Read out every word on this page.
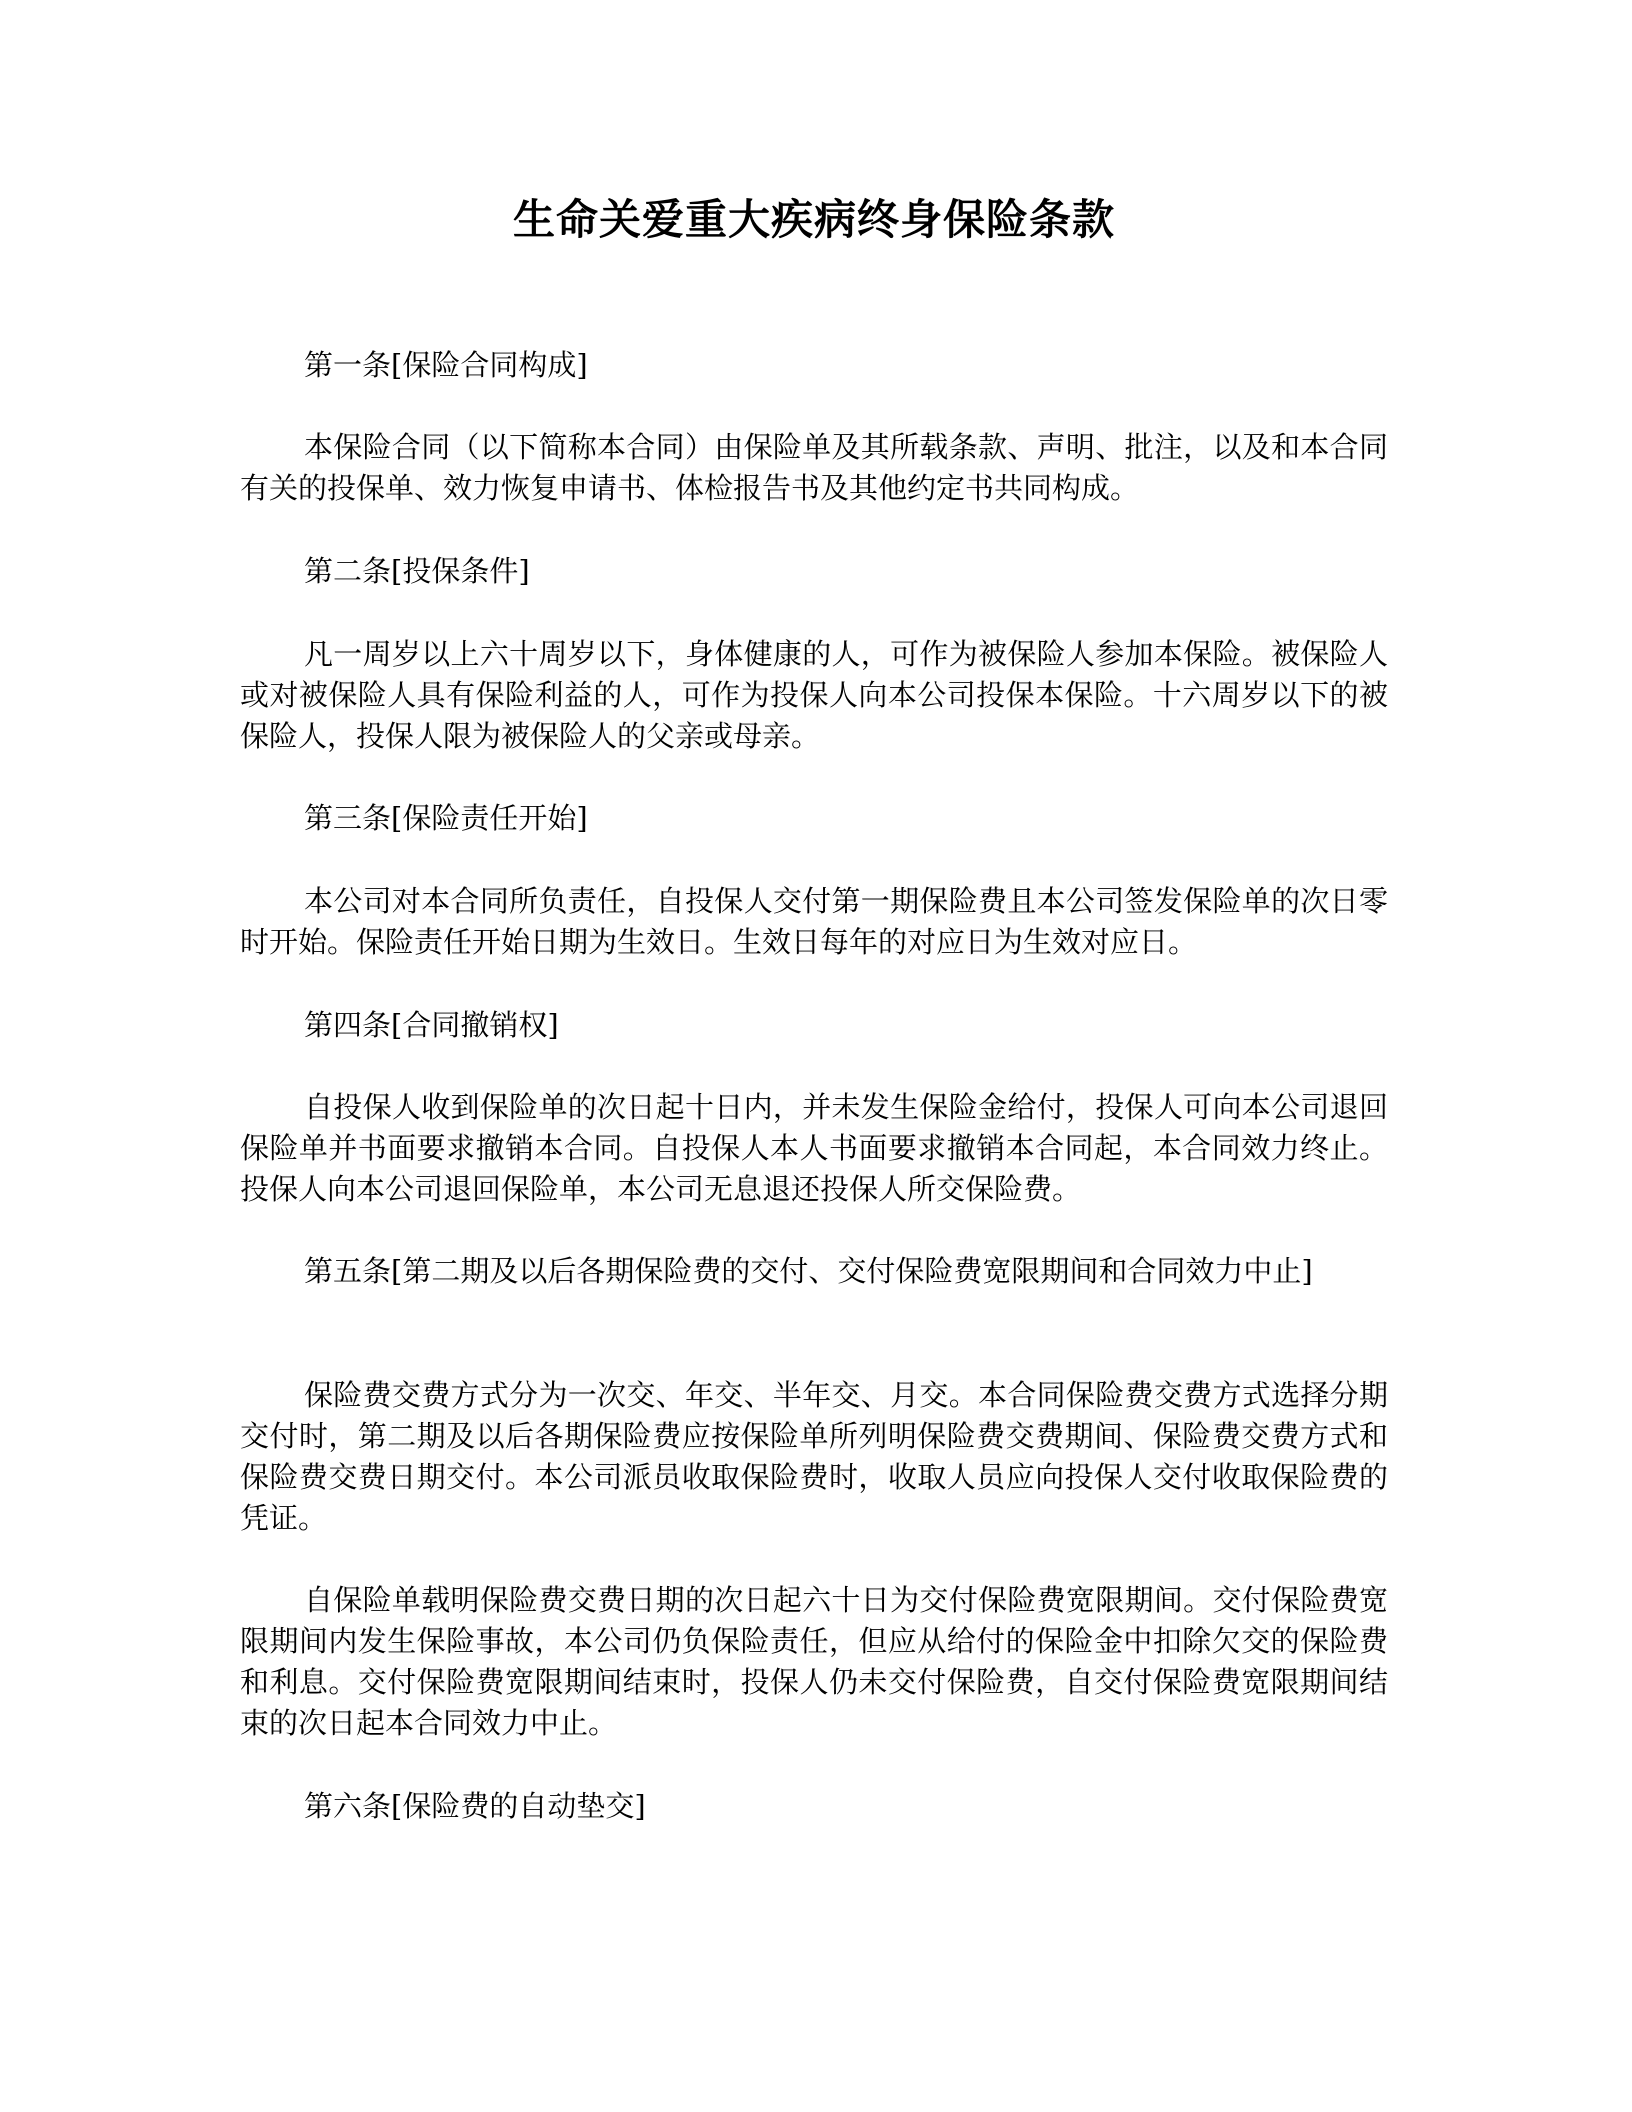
生命关爱重大疾病终身保险条款

第一条[保险合同构成]

本保险合同（以下简称本合同）由保险单及其所载条款、声明、批注，以及和本合同有关的投保单、效力恢复申请书、体检报告书及其他约定书共同构成。

第二条[投保条件]

凡一周岁以上六十周岁以下，身体健康的人，可作为被保险人参加本保险。被保险人或对被保险人具有保险利益的人，可作为投保人向本公司投保本保险。十六周岁以下的被保险人，投保人限为被保险人的父亲或母亲。

第三条[保险责任开始]

本公司对本合同所负责任，自投保人交付第一期保险费且本公司签发保险单的次日零时开始。保险责任开始日期为生效日。生效日每年的对应日为生效对应日。

第四条[合同撤销权]

自投保人收到保险单的次日起十日内，并未发生保险金给付，投保人可向本公司退回保险单并书面要求撤销本合同。自投保人本人书面要求撤销本合同起，本合同效力终止。投保人向本公司退回保险单，本公司无息退还投保人所交保险费。

第五条[第二期及以后各期保险费的交付、交付保险费宽限期间和合同效力中止]

保险费交费方式分为一次交、年交、半年交、月交。本合同保险费交费方式选择分期交付时，第二期及以后各期保险费应按保险单所列明保险费交费期间、保险费交费方式和保险费交费日期交付。本公司派员收取保险费时，收取人员应向投保人交付收取保险费的凭证。

自保险单载明保险费交费日期的次日起六十日为交付保险费宽限期间。交付保险费宽限期间内发生保险事故，本公司仍负保险责任，但应从给付的保险金中扣除欠交的保险费和利息。交付保险费宽限期间结束时，投保人仍未交付保险费，自交付保险费宽限期间结束的次日起本合同效力中止。

第六条[保险费的自动垫交]
